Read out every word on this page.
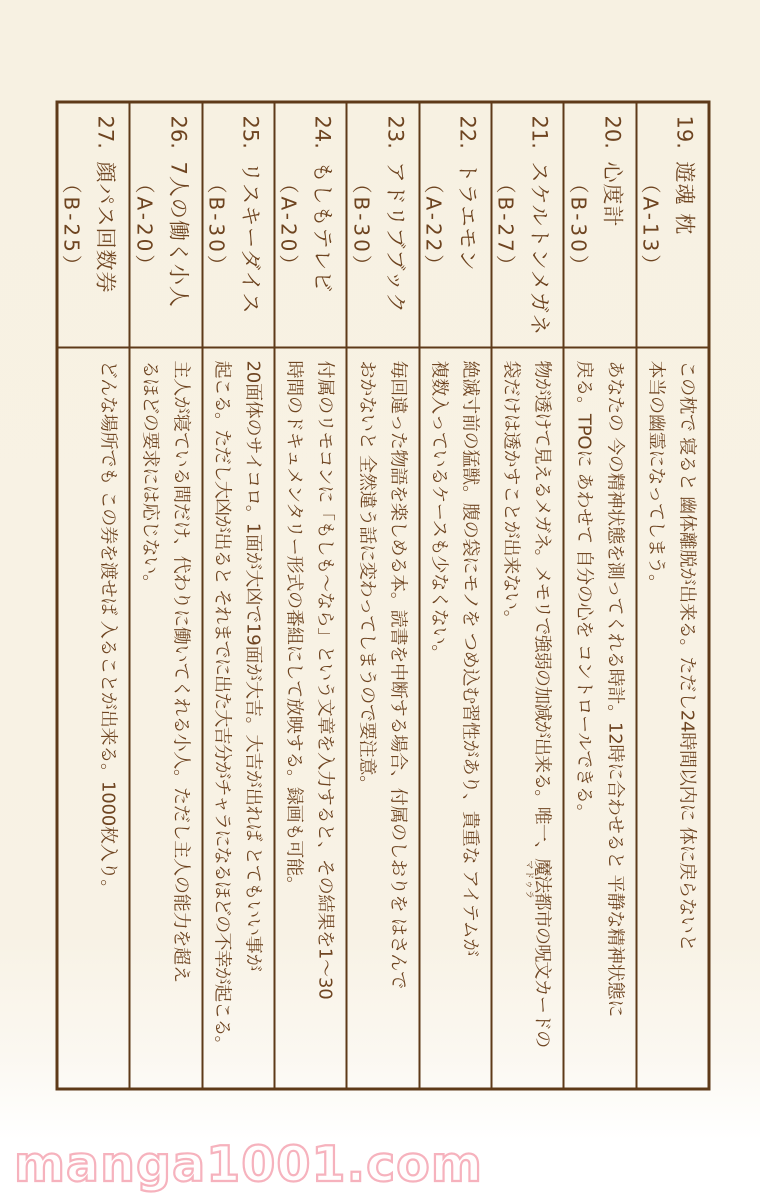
19.
遊魂 枕
（A-13）
この枕で 寝ると 幽体離脱が出来る。ただし24時間以内に 体に戻らないと
本当の幽霊になってしまう。
20.
心度計
（B-30）
あなたの 今の精神状態を測ってくれる時計。12時に合わせると 平静な精神状態に
戻る。TPOに あわせて 自分の心を コントロールできる。
21.
スケルトンメガネ
（B-27）
物が透けて見えるメガネ。メモリで強弱の加減が出来る。唯一、
マドゥラ
魔法都市の呪文カードの
袋だけは透かすことが出来ない。
22.
トラエモン
（A-22）
絶滅寸前の猛獣。腹の袋にモノを つめ込む習性があり、貴重な アイテムが
複数入っているケースも少なくない。
23.
アドリブブック
（B-30）
毎回違った物語を楽しめる本。読書を中断する場合、付属のしおりを はさんで
おかないと 全然違う話に変わってしまうので要注意。
24.
もしもテレビ
（A-20）
付属のリモコンに「もしも〜なら」という文章を入力すると、その結果を1〜30
時間のドキュメンタリー形式の番組にして放映する。録画も可能。
25.
リスキーダイス
（B-30）
20面体のサイコロ。1面が大凶で19面が大吉。大吉が出れば とてもいい事が
起こる。ただし大凶が出ると それまでに出た大吉分がチャラになるほどの不幸が起こる。
26.
7人の働く小人
（A-20）
主人が寝ている間だけ、代わりに働いてくれる小人。ただし主人の能力を超え
るほどの要求には応じない。
27.
顔パス回数券
（B-25）
どんな場所でも この券を渡せば 入ることが出来る。1000枚入り。
manga1001.com
